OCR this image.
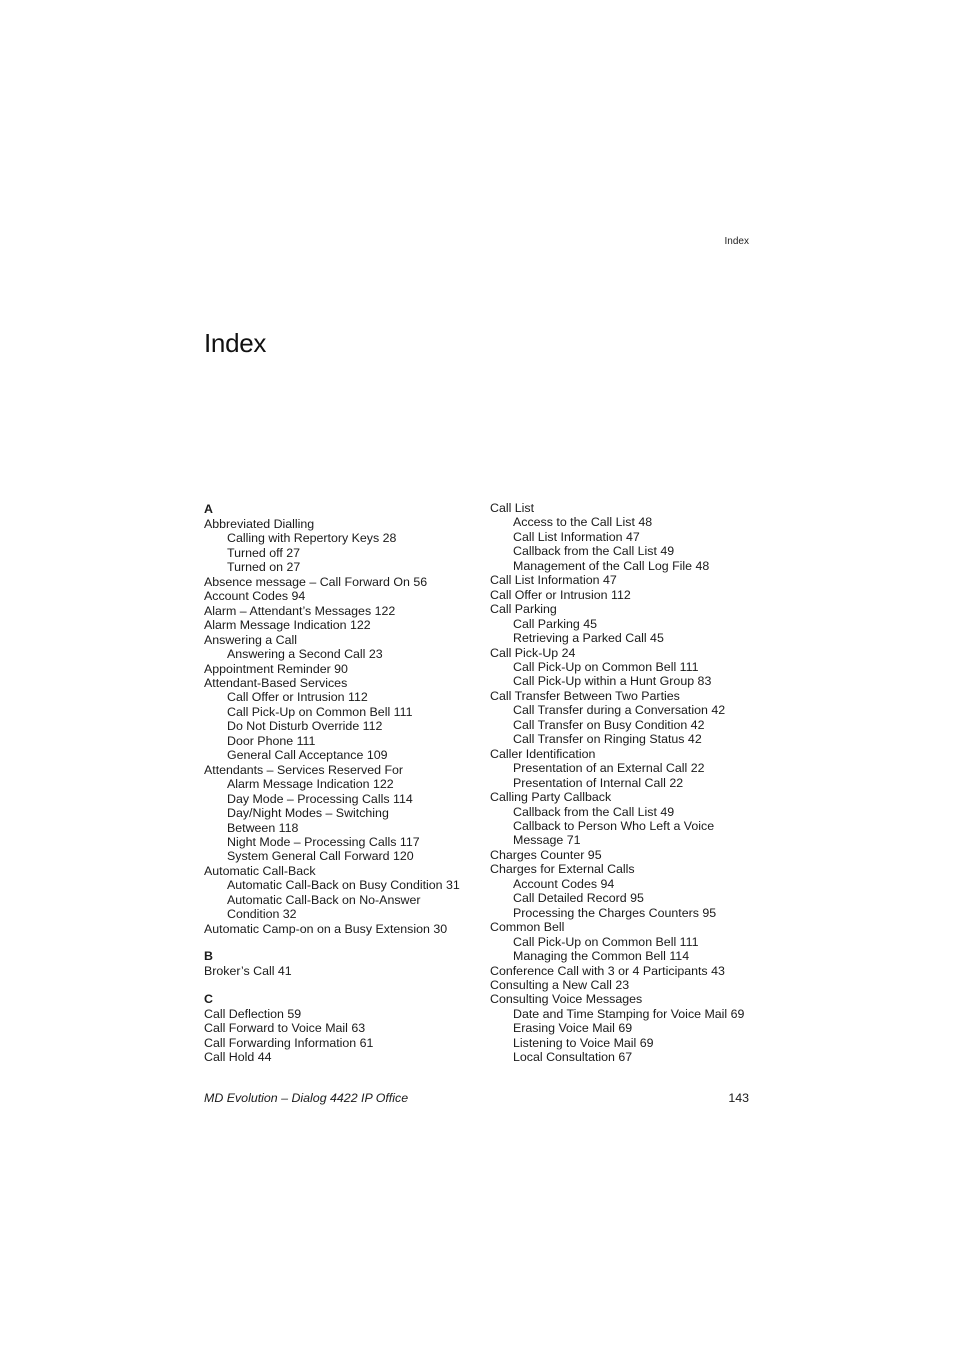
Index
Index
A
Abbreviated Dialling
Calling with Repertory Keys 28
Turned off 27
Turned on 27
Absence message – Call Forward On 56
Account Codes 94
Alarm – Attendant’s Messages 122
Alarm Message Indication 122
Answering a Call
Answering a Second Call 23
Appointment Reminder 90
Attendant-Based Services
Call Offer or Intrusion 112
Call Pick-Up on Common Bell 111
Do Not Disturb Override 112
Door Phone 111
General Call Acceptance 109
Attendants – Services Reserved For
Alarm Message Indication 122
Day Mode – Processing Calls 114
Day/Night Modes – Switching
Between 118
Night Mode – Processing Calls 117
System General Call Forward 120
Automatic Call-Back
Automatic Call-Back on Busy Condition 31
Automatic Call-Back on No-Answer
Condition 32
Automatic Camp-on on a Busy Extension 30
B
Broker’s Call 41
C
Call Deflection 59
Call Forward to Voice Mail 63
Call Forwarding Information 61
Call Hold 44
Call List
Access to the Call List 48
Call List Information 47
Callback from the Call List 49
Management of the Call Log File 48
Call List Information 47
Call Offer or Intrusion 112
Call Parking
Call Parking 45
Retrieving a Parked Call 45
Call Pick-Up 24
Call Pick-Up on Common Bell 111
Call Pick-Up within a Hunt Group 83
Call Transfer Between Two Parties
Call Transfer during a Conversation 42
Call Transfer on Busy Condition 42
Call Transfer on Ringing Status 42
Caller Identification
Presentation of an External Call 22
Presentation of Internal Call 22
Calling Party Callback
Callback from the Call List 49
Callback to Person Who Left a Voice
Message 71
Charges Counter 95
Charges for External Calls
Account Codes 94
Call Detailed Record 95
Processing the Charges Counters 95
Common Bell
Call Pick-Up on Common Bell 111
Managing the Common Bell 114
Conference Call with 3 or 4 Participants 43
Consulting a New Call 23
Consulting Voice Messages
Date and Time Stamping for Voice Mail 69
Erasing Voice Mail 69
Listening to Voice Mail 69
Local Consultation 67
MD Evolution – Dialog 4422 IP Office	143
